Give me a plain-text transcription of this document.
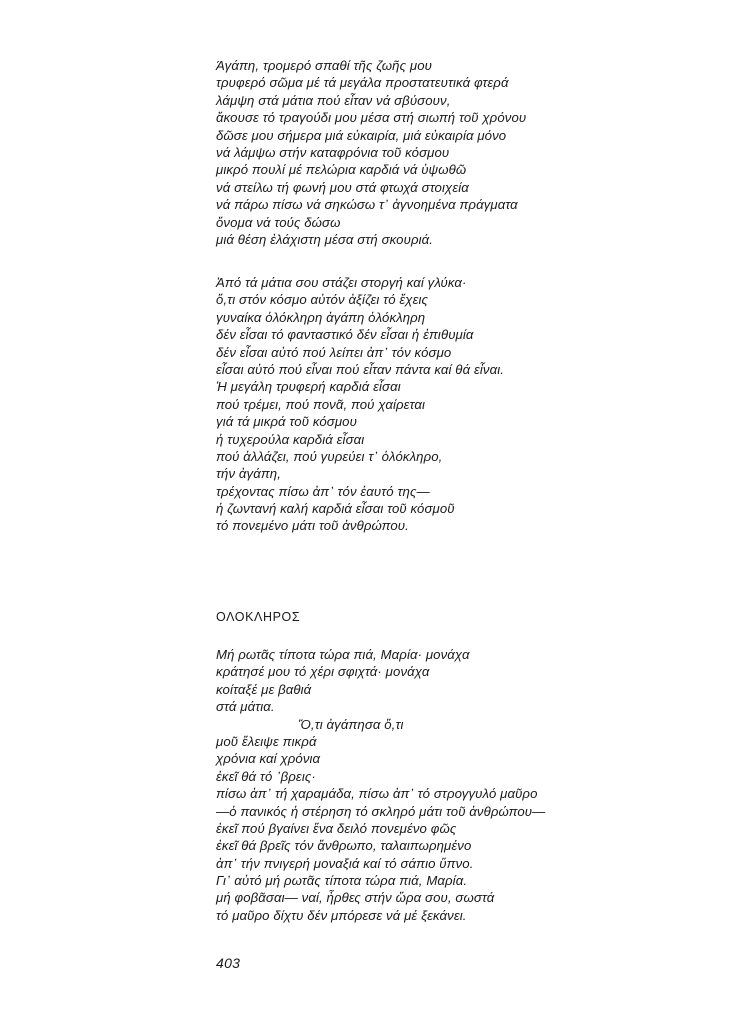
Άγάπη, τρομερό σπαθί τῆς ζωῆς μου
τρυφερό σῶμα μέ τά μεγάλα προστατευτικά φτερά
λάμψη στά μάτια πού εἶταν νά σβύσουν,
ἄκουσε τό τραγούδι μου μέσα στή σιωπή τοῦ χρόνου
δῶσε μου σήμερα μιά εὐκαιρία, μιά εὐκαιρία μόνο
νά λάμψω στήν καταφρόνια τοῦ κόσμου
μικρό πουλί μέ πελώρια καρδιά νά ὑψωθῶ
νά στείλω τή φωνή μου στά φτωχά στοιχεία
νά πάρω πίσω νά σηκώσω τ᾽ ἀγνοημένα πράγματα
ὄνομα νά τούς δώσω
μιά θέση ἐλάχιστη μέσα στή σκουριά.
Ἀπό τά μάτια σου στάζει στοργή καί γλύκα·
ὅ,τι στόν κόσμο αὐτόν ἀξίζει τό ἔχεις
γυναίκα ὁλόκληρη ἀγάπη ὁλόκληρη
δέν εἶσαι τό φανταστικό δέν εἶσαι ἡ ἐπιθυμία
δέν εἶσαι αὐτό πού λείπει ἀπ᾽ τόν κόσμο
εἶσαι αὐτό πού εἶναι πού εἶταν πάντα καί θά εἶναι.
Ἡ μεγάλη τρυφερή καρδιά εἶσαι
πού τρέμει, πού πονᾶ, πού χαίρεται
γιά τά μικρά τοῦ κόσμου
ἡ τυχερούλα καρδιά εἶσαι
πού ἀλλάζει, πού γυρεύει τ᾽ ὁλόκληρο,
τήν ἀγάπη,
τρέχοντας πίσω ἀπ᾽ τόν ἑαυτό της—
ἡ ζωντανή καλή καρδιά εἶσαι τοῦ κόσμοῦ
τό πονεμένο μάτι τοῦ ἀνθρώπου.
ΟΛΟΚΛΗΡΟΣ
Μή ρωτᾶς τίποτα τώρα πιά, Μαρία· μονάχα
κράτησέ μου τό χέρι σφιχτά· μονάχα
κοίταξέ με βαθιά
στά μάτια.
Ὅ,τι ἀγάπησα ὅ,τι
μοῦ ἔλειψε πικρά
χρόνια καί χρόνια
ἐκεῖ θά τό ᾽βρεις·
πίσω ἀπ᾽ τή χαραμάδα, πίσω ἀπ᾽ τό στρογγυλό μαῦρο
—ὁ πανικός ἡ στέρηση τό σκληρό μάτι τοῦ ἀνθρώπου—
ἐκεῖ πού βγαίνει ἕνα δειλό πονεμένο φῶς
ἐκεῖ θά βρεῖς τόν ἄνθρωπο, ταλαιπωρημένο
ἀπ᾽ τήν πνιγερή μοναξιά καί τό σάπιο ὕπνο.
Γι᾽ αὐτό μή ρωτᾶς τίποτα τώρα πιά, Μαρία.
μή φοβᾶσαι— ναί, ἦρθες στήν ὥρα σου, σωστά
τό μαῦρο δίχτυ δέν μπόρεσε νά μέ ξεκάνει.
403
